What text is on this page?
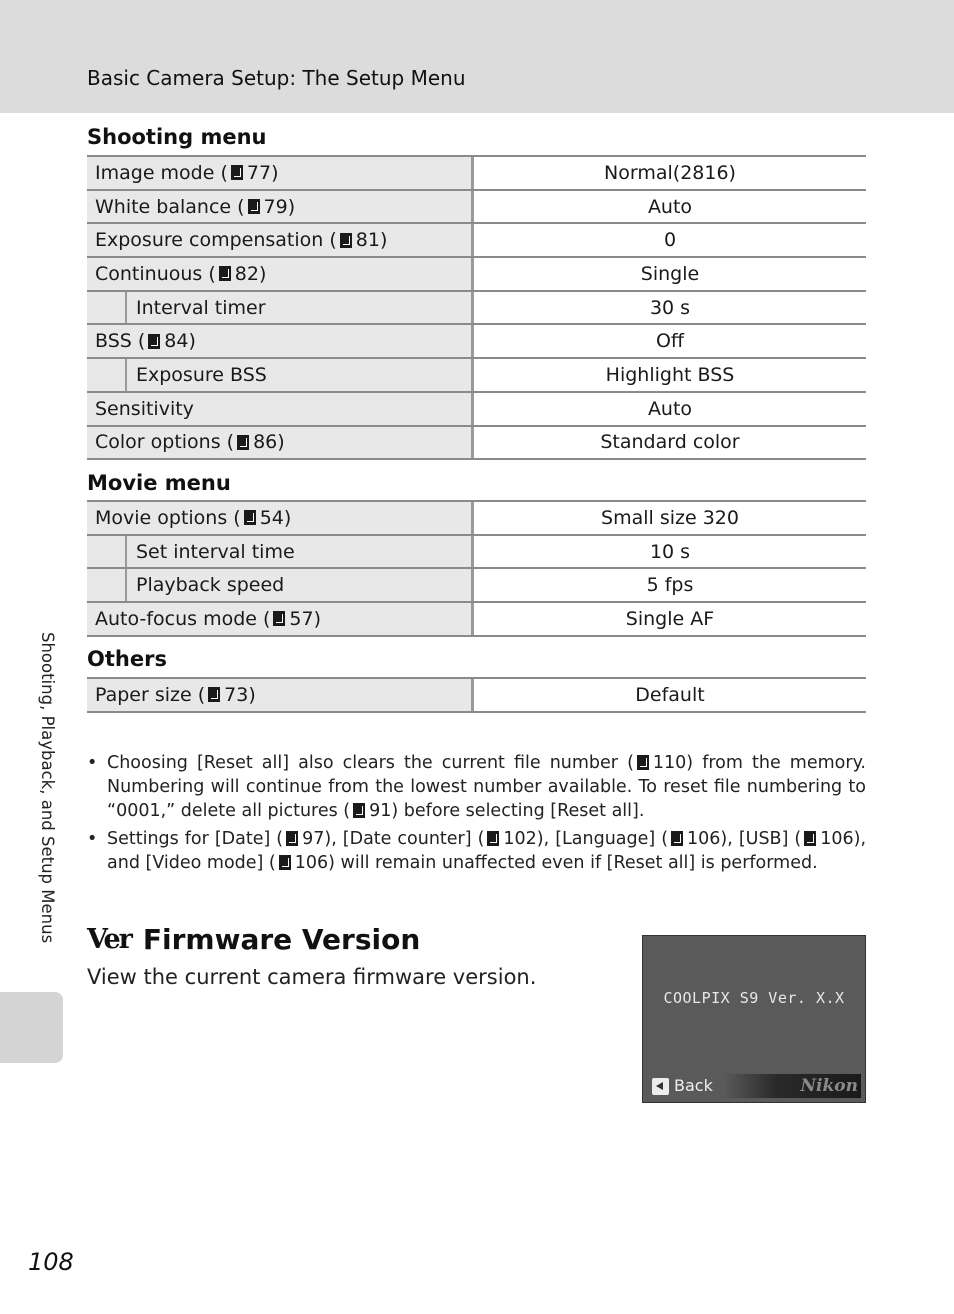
Basic Camera Setup: The Setup Menu
Shooting, Playback, and Setup Menus
Shooting menu
Image mode ( 77)	Normal(2816)
White balance ( 79)	Auto
Exposure compensation ( 81)	0
Continuous ( 82)	Single
Interval timer	30 s
BSS ( 84)	Off
Exposure BSS	Highlight BSS
Sensitivity	Auto
Color options ( 86)	Standard color
Movie menu
Movie options ( 54)	Small size 320
Set interval time	10 s
Playback speed	5 fps
Auto-focus mode ( 57)	Single AF
Others
Paper size ( 73)	Default
• Choosing [Reset all] also clears the current file number ( 110) from the memory. Numbering will continue from the lowest number available. To reset file numbering to “0001,” delete all pictures ( 91) before selecting [Reset all].
• Settings for [Date] ( 97), [Date counter] ( 102), [Language] ( 106), [USB] ( 106), and [Video mode] ( 106) will remain unaffected even if [Reset all] is performed.
Ver Firmware Version
View the current camera firmware version.
COOLPIX S9 Ver. X.X
Back	Nikon
108
